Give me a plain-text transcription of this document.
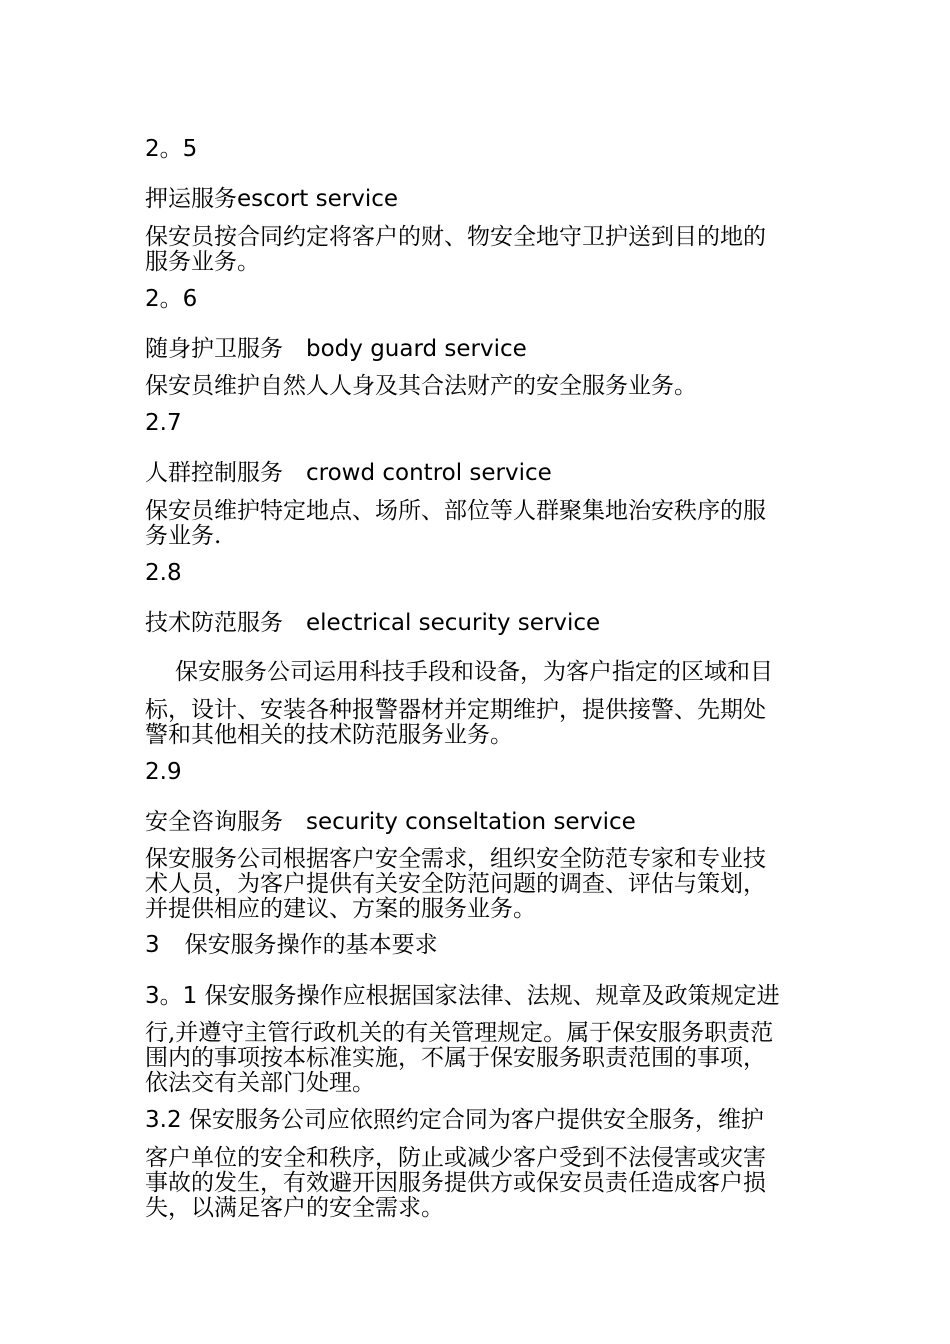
2。5
押运服务escort service
保安员按合同约定将客户的财、物安全地守卫护送到目的地的
服务业务。
2。6
随身护卫服务 body guard service
保安员维护自然人人身及其合法财产的安全服务业务。
2.7
人群控制服务 crowd control service
保安员维护特定地点、场所、部位等人群聚集地治安秩序的服
务业务.
2.8
技术防范服务 electrical security service
保安服务公司运用科技手段和设备，为客户指定的区域和目
标，设计、安装各种报警器材并定期维护，提供接警、先期处
警和其他相关的技术防范服务业务。
2.9
安全咨询服务 security conseltation service
保安服务公司根据客户安全需求，组织安全防范专家和专业技
术人员，为客户提供有关安全防范问题的调查、评估与策划，
并提供相应的建议、方案的服务业务。
3 保安服务操作的基本要求
3。1 保安服务操作应根据国家法律、法规、规章及政策规定进
行,并遵守主管行政机关的有关管理规定。属于保安服务职责范
围内的事项按本标准实施，不属于保安服务职责范围的事项，
依法交有关部门处理。
3.2 保安服务公司应依照约定合同为客户提供安全服务，维护
客户单位的安全和秩序，防止或减少客户受到不法侵害或灾害
事故的发生，有效避开因服务提供方或保安员责任造成客户损
失，以满足客户的安全需求。
